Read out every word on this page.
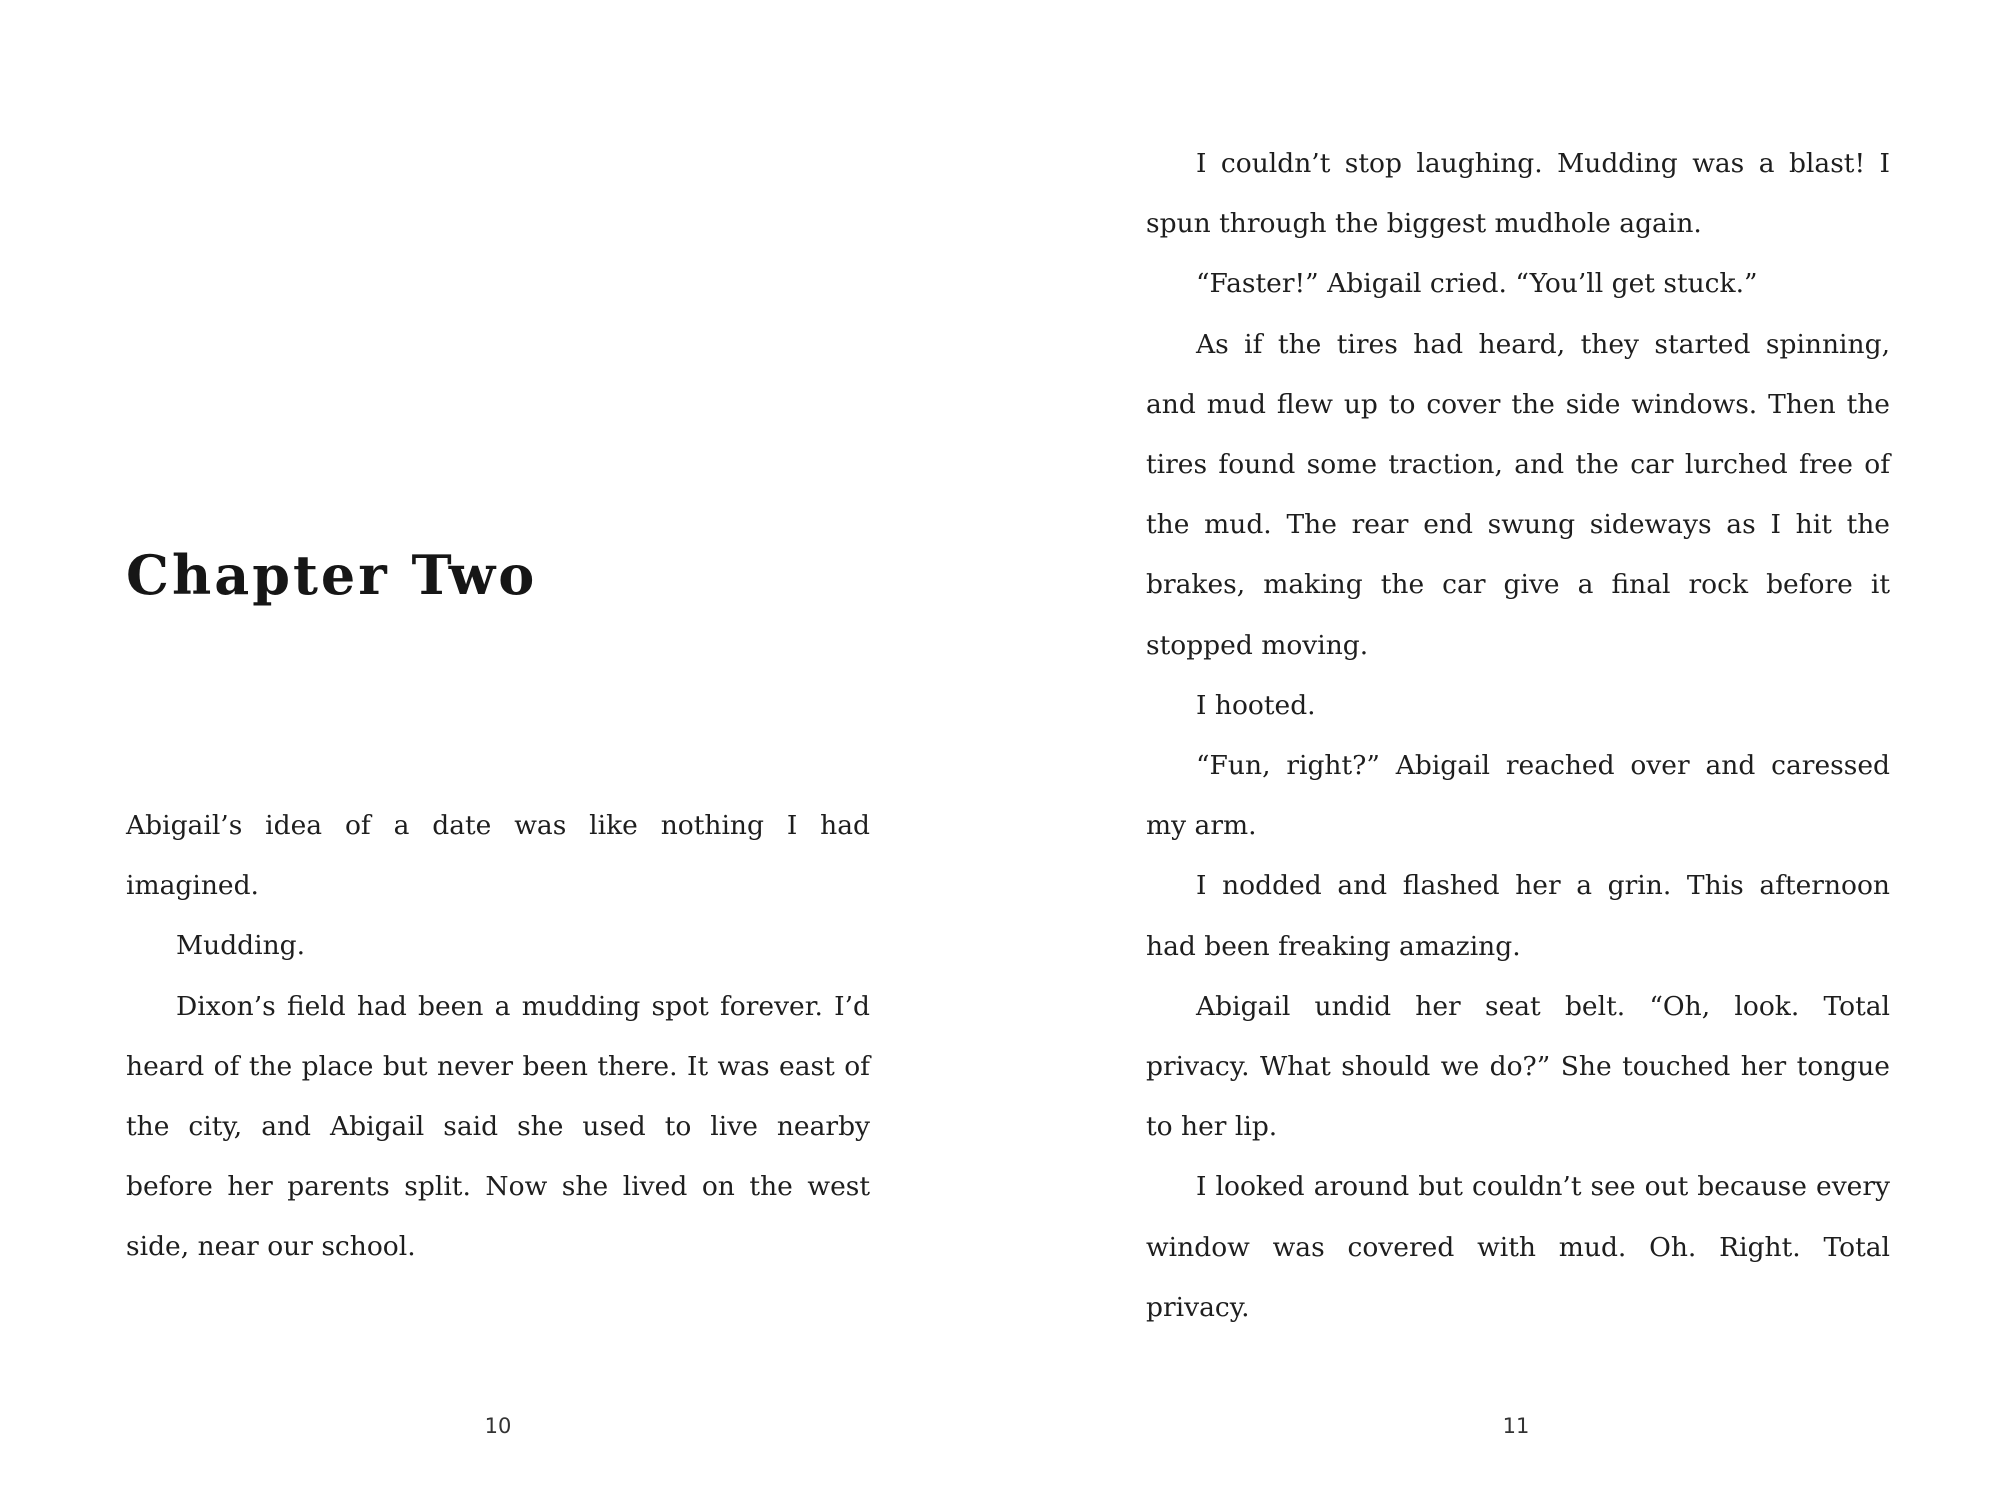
Chapter Two

Abigail’s idea of a date was like nothing I had imagined.

Mudding.

Dixon’s field had been a mudding spot forever. I’d heard of the place but never been there. It was east of the city, and Abigail said she used to live nearby before her parents split. Now she lived on the west side, near our school.

10

I couldn’t stop laughing. Mudding was a blast! I spun through the biggest mudhole again.

“Faster!” Abigail cried. “You’ll get stuck.”

As if the tires had heard, they started spinning, and mud flew up to cover the side windows. Then the tires found some traction, and the car lurched free of the mud. The rear end swung sideways as I hit the brakes, making the car give a final rock before it stopped moving.

I hooted.

“Fun, right?” Abigail reached over and caressed my arm.

I nodded and flashed her a grin. This afternoon had been freaking amazing.

Abigail undid her seat belt. “Oh, look. Total privacy. What should we do?” She touched her tongue to her lip.

I looked around but couldn’t see out because every window was covered with mud. Oh. Right. Total privacy.

11
